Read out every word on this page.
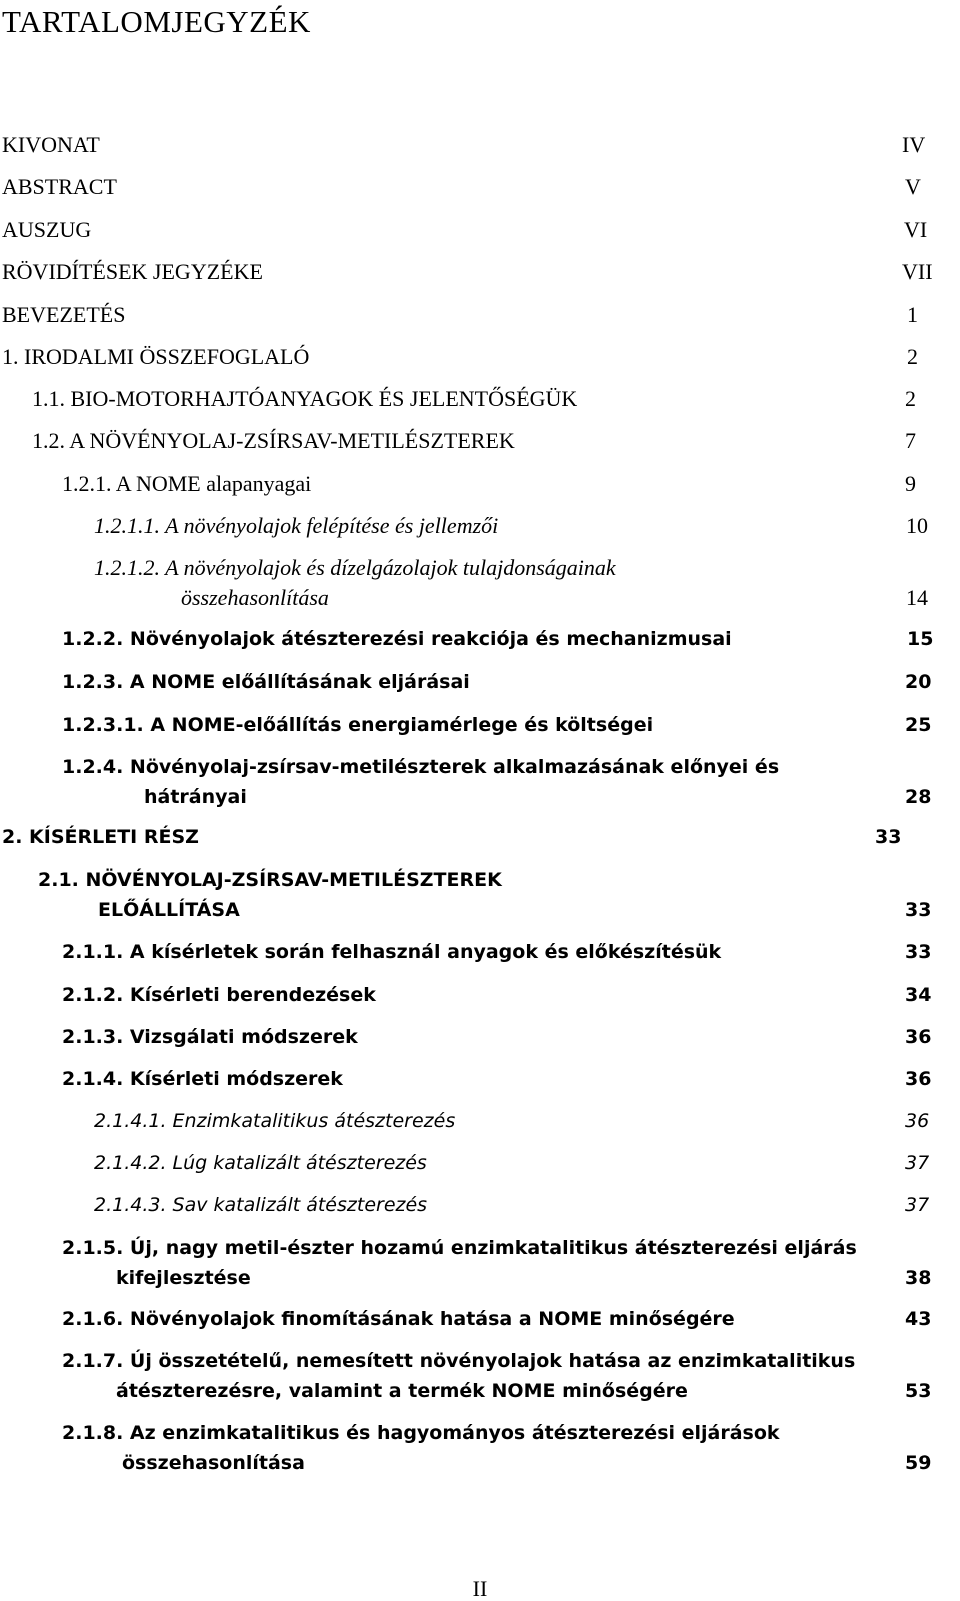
TARTALOMJEGYZÉK
KIVONAT	IV
ABSTRACT	V
AUSZUG	VI
RÖVIDÍTÉSEK JEGYZÉKE	VII
BEVEZETÉS	1
1. IRODALMI ÖSSZEFOGLALÓ	2
1.1. BIO-MOTORHAJTÓANYAGOK ÉS JELENTŐSÉGÜK	2
1.2. A NÖVÉNYOLAJ-ZSÍRSAV-METILÉSZTEREK	7
1.2.1. A NOME alapanyagai	9
1.2.1.1. A növényolajok felépítése és jellemzői	10
1.2.1.2. A növényolajok és dízelgázolajok tulajdonságainak
összehasonlítása	14
1.2.2. Növényolajok átészterezési reakciója és mechanizmusai	15
1.2.3. A NOME előállításának eljárásai	20
1.2.3.1. A NOME-előállítás energiamérlege és költségei	25
1.2.4. Növényolaj-zsírsav-metilészterek alkalmazásának előnyei és
hátrányai	28
2. KÍSÉRLETI RÉSZ	33
2.1. NÖVÉNYOLAJ-ZSÍRSAV-METILÉSZTEREK
ELŐÁLLÍTÁSA	33
2.1.1. A kísérletek során felhasznál anyagok és előkészítésük	33
2.1.2. Kísérleti berendezések	34
2.1.3. Vizsgálati módszerek	36
2.1.4. Kísérleti módszerek	36
2.1.4.1. Enzimkatalitikus átészterezés	36
2.1.4.2. Lúg katalizált átészterezés	37
2.1.4.3. Sav katalizált átészterezés	37
2.1.5. Új, nagy metil-észter hozamú enzimkatalitikus átészterezési eljárás
kifejlesztése	38
2.1.6. Növényolajok finomításának hatása a NOME minőségére	43
2.1.7. Új összetételű, nemesített növényolajok hatása az enzimkatalitikus
átészterezésre, valamint a termék NOME minőségére	53
2.1.8. Az enzimkatalitikus és hagyományos átészterezési eljárások
összehasonlítása	59
II
